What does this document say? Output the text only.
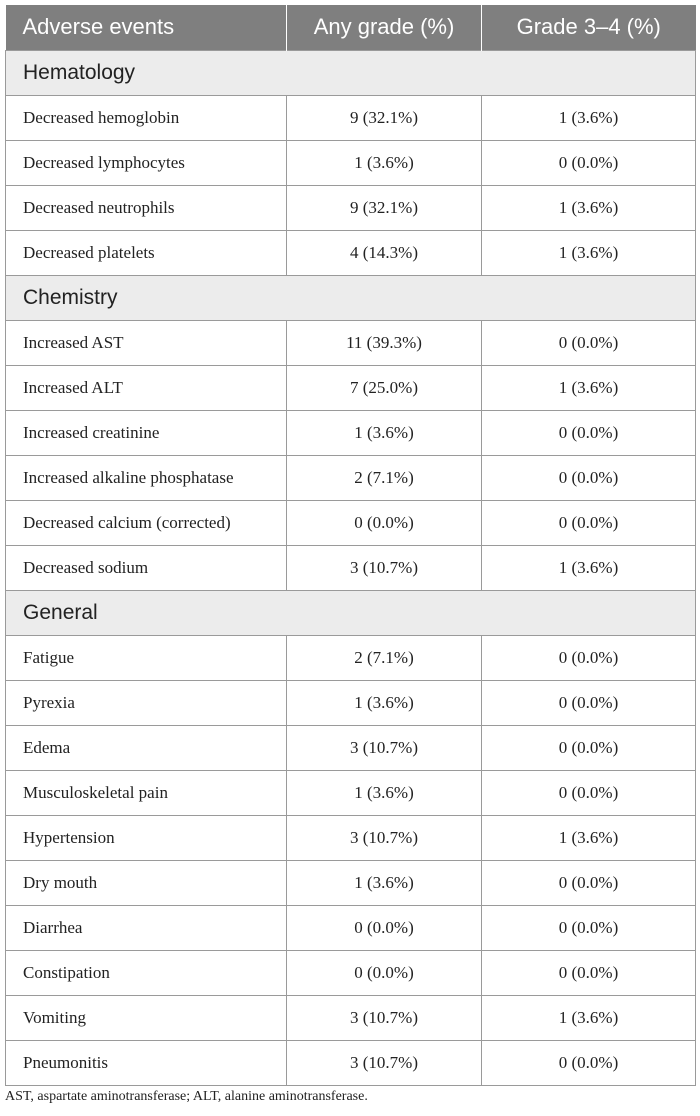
Adverse events	Any grade (%)	Grade 3–4 (%)
Hematology		
Decreased hemoglobin	9 (32.1%)	1 (3.6%)
Decreased lymphocytes	1 (3.6%)	0 (0.0%)
Decreased neutrophils	9 (32.1%)	1 (3.6%)
Decreased platelets	4 (14.3%)	1 (3.6%)
Chemistry		
Increased AST	11 (39.3%)	0 (0.0%)
Increased ALT	7 (25.0%)	1 (3.6%)
Increased creatinine	1 (3.6%)	0 (0.0%)
Increased alkaline phosphatase	2 (7.1%)	0 (0.0%)
Decreased calcium (corrected)	0 (0.0%)	0 (0.0%)
Decreased sodium	3 (10.7%)	1 (3.6%)
General		
Fatigue	2 (7.1%)	0 (0.0%)
Pyrexia	1 (3.6%)	0 (0.0%)
Edema	3 (10.7%)	0 (0.0%)
Musculoskeletal pain	1 (3.6%)	0 (0.0%)
Hypertension	3 (10.7%)	1 (3.6%)
Dry mouth	1 (3.6%)	0 (0.0%)
Diarrhea	0 (0.0%)	0 (0.0%)
Constipation	0 (0.0%)	0 (0.0%)
Vomiting	3 (10.7%)	1 (3.6%)
Pneumonitis	3 (10.7%)	0 (0.0%)
AST, aspartate aminotransferase; ALT, alanine aminotransferase.
